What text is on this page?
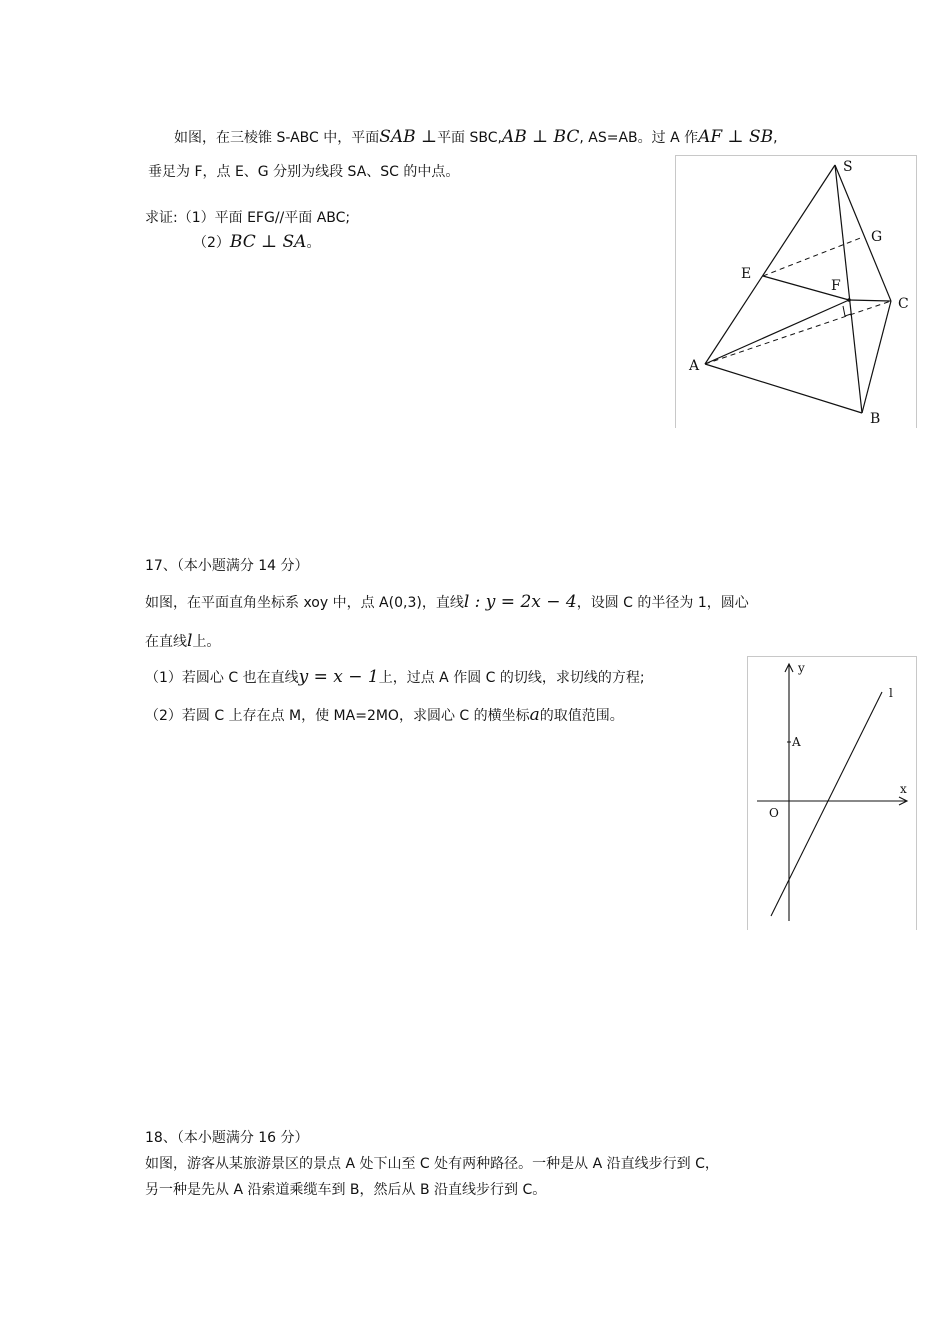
如图，在三棱锥 S-ABC 中，平面SAB ⊥平面 SBC,AB ⊥ BC, AS=AB。过 A 作AF ⊥ SB,
垂足为 F，点 E、G 分别为线段 SA、SC 的中点。
求证:（1）平面 EFG//平面 ABC;
（2）BC ⊥ SA。
S
G
E
F
C
A
B
17、（本小题满分 14 分）
如图，在平面直角坐标系 xoy 中，点 A(0,3)，直线l : y = 2x − 4，设圆 C 的半径为 1，圆心
在直线l上。
（1）若圆心 C 也在直线y = x − 1上，过点 A 作圆 C 的切线，求切线的方程;
（2）若圆 C 上存在点 M，使 MA=2MO，求圆心 C 的横坐标a的取值范围。
y
l
A
x
O
18、（本小题满分 16 分）
如图，游客从某旅游景区的景点 A 处下山至 C 处有两种路径。一种是从 A 沿直线步行到 C，
另一种是先从 A 沿索道乘缆车到 B，然后从 B 沿直线步行到 C。
